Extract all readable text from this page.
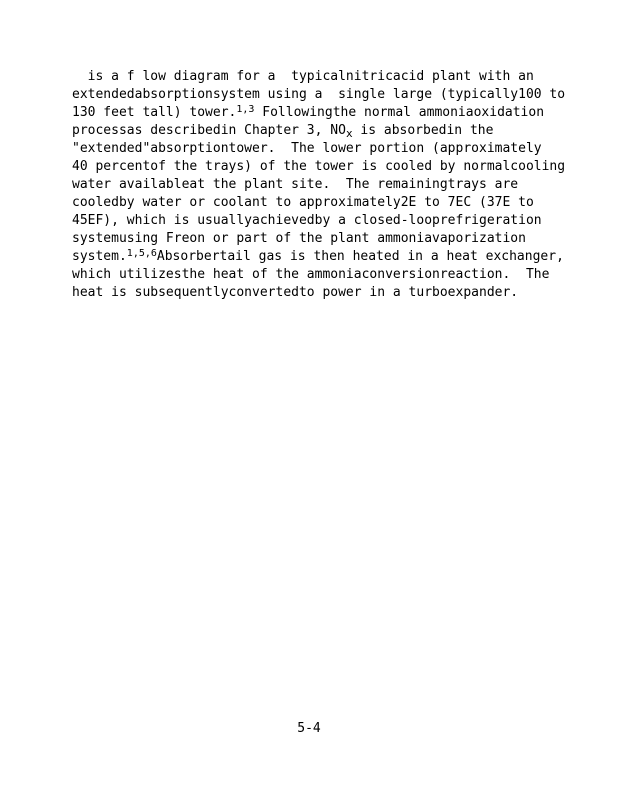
is a f low diagram for a  typicalnitricacid plant with an
extendedabsorptionsystem using a  single large (typically100 to
130 feet tall) tower.$^{1,3}$ Followingthe normal ammoniaoxidation
processas describedin Chapter 3, $NO_x$ is absorbedin the
"extended"absorptiontower.  The lower portion (approximately
40 percentof the trays) of the tower is cooled by normalcooling
water availableat the plant site.  The remainingtrays are
cooledby water or coolant to approximately2E to 7EC (37E to
45EF), which is usuallyachievedby a closed-looprefrigeration
systemusing Freon or part of the plant ammoniavaporization
system.$^{1,5,6}$Absorbertail gas is then heated in a heat exchanger,
which utilizesthe heat of the ammoniaconversionreaction.  The
heat is subsequentlyconvertedto power in a turboexpander.
5-4
